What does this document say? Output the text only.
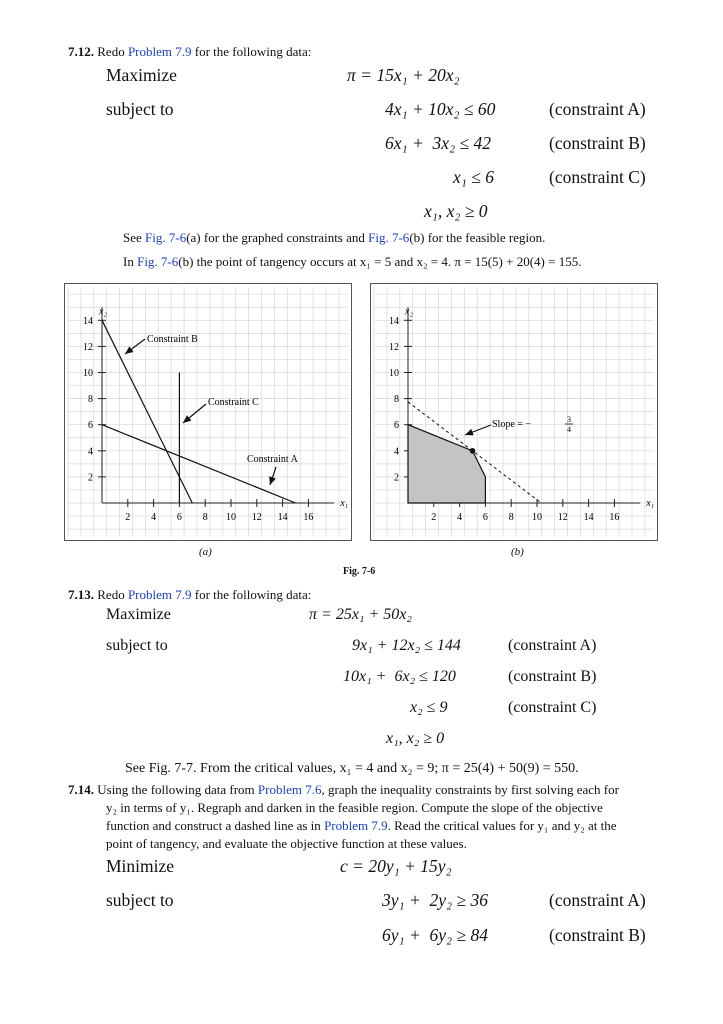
7.12. Redo Problem 7.9 for the following data:
Maximize	π = 15x₁ + 20x₂
subject to	4x₁ + 10x₂ ≤ 60	(constraint A)
6x₁ +  3x₂ ≤ 42	(constraint B)
x₁ ≤ 6	(constraint C)
x₁, x₂ ≥ 0
See Fig. 7-6(a) for the graphed constraints and Fig. 7-6(b) for the feasible region.
In Fig. 7-6(b) the point of tangency occurs at x₁ = 5 and x₂ = 4. π = 15(5) + 20(4) = 155.
2 4 6 8 10 12 14 16
14
12
10
8
6
4
2
x₁
x₂
Constraint B
Constraint C
Constraint A
2 4 6 8 10 12 14 16
14
12
10
8
6
4
2
x₁
x₂
Slope = −	3
4
(a)	(b)
Fig. 7-6
7.13. Redo Problem 7.9 for the following data:
Maximize	π = 25x₁ + 50x₂
subject to	9x₁ + 12x₂ ≤ 144	(constraint A)
10x₁ +  6x₂ ≤ 120	(constraint B)
x₂ ≤ 9	(constraint C)
x₁, x₂ ≥ 0
See Fig. 7-7. From the critical values, x₁ = 4 and x₂ = 9; π = 25(4) + 50(9) = 550.
7.14. Using the following data from Problem 7.6, graph the inequality constraints by first solving each for
y₂ in terms of y₁. Regraph and darken in the feasible region. Compute the slope of the objective
function and construct a dashed line as in Problem 7.9. Read the critical values for y₁ and y₂ at the
point of tangency, and evaluate the objective function at these values.
Minimize	c = 20y₁ + 15y₂
subject to	3y₁ +  2y₂ ≥ 36	(constraint A)
6y₁ +  6y₂ ≥ 84	(constraint B)
